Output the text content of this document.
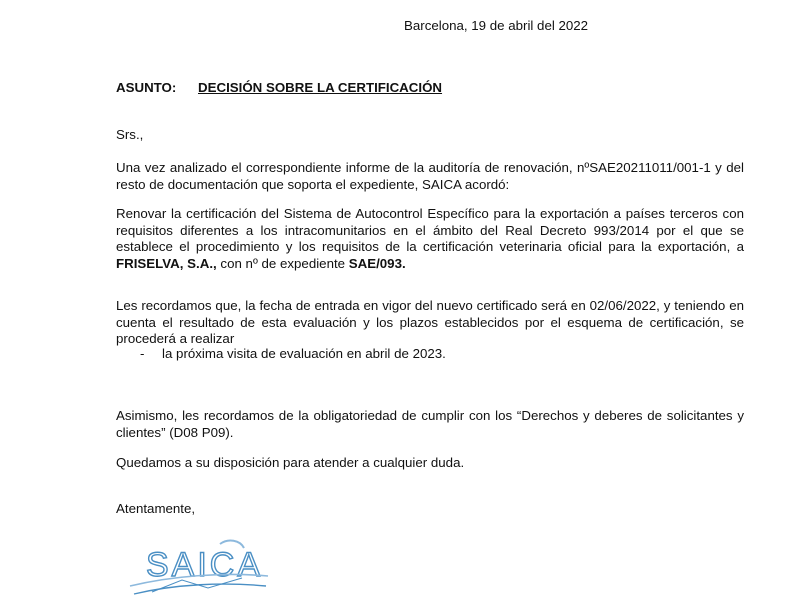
Barcelona, 19 de abril del 2022
ASUNTO: DECISIÓN SOBRE LA CERTIFICACIÓN

Srs.,

Una vez analizado el correspondiente informe de la auditoría de renovación, nºSAE20211011/001-1 y del resto de documentación que soporta el expediente, SAICA acordó:

Renovar la certificación del Sistema de Autocontrol Específico para la exportación a países terceros con requisitos diferentes a los intracomunitarios en el ámbito del Real Decreto 993/2014 por el que se establece el procedimiento y los requisitos de la certificación veterinaria oficial para la exportación, a FRISELVA, S.A., con nº de expediente SAE/093.

Les recordamos que, la fecha de entrada en vigor del nuevo certificado será en 02/06/2022, y teniendo en cuenta el resultado de esta evaluación y los plazos establecidos por el esquema de certificación, se procederá a realizar

- la próxima visita de evaluación en abril de 2023.

Asimismo, les recordamos de la obligatoriedad de cumplir con los “Derechos y deberes de solicitantes y clientes” (D08 P09).

Quedamos a su disposición para atender a cualquier duda.

Atentamente,

SAICA
